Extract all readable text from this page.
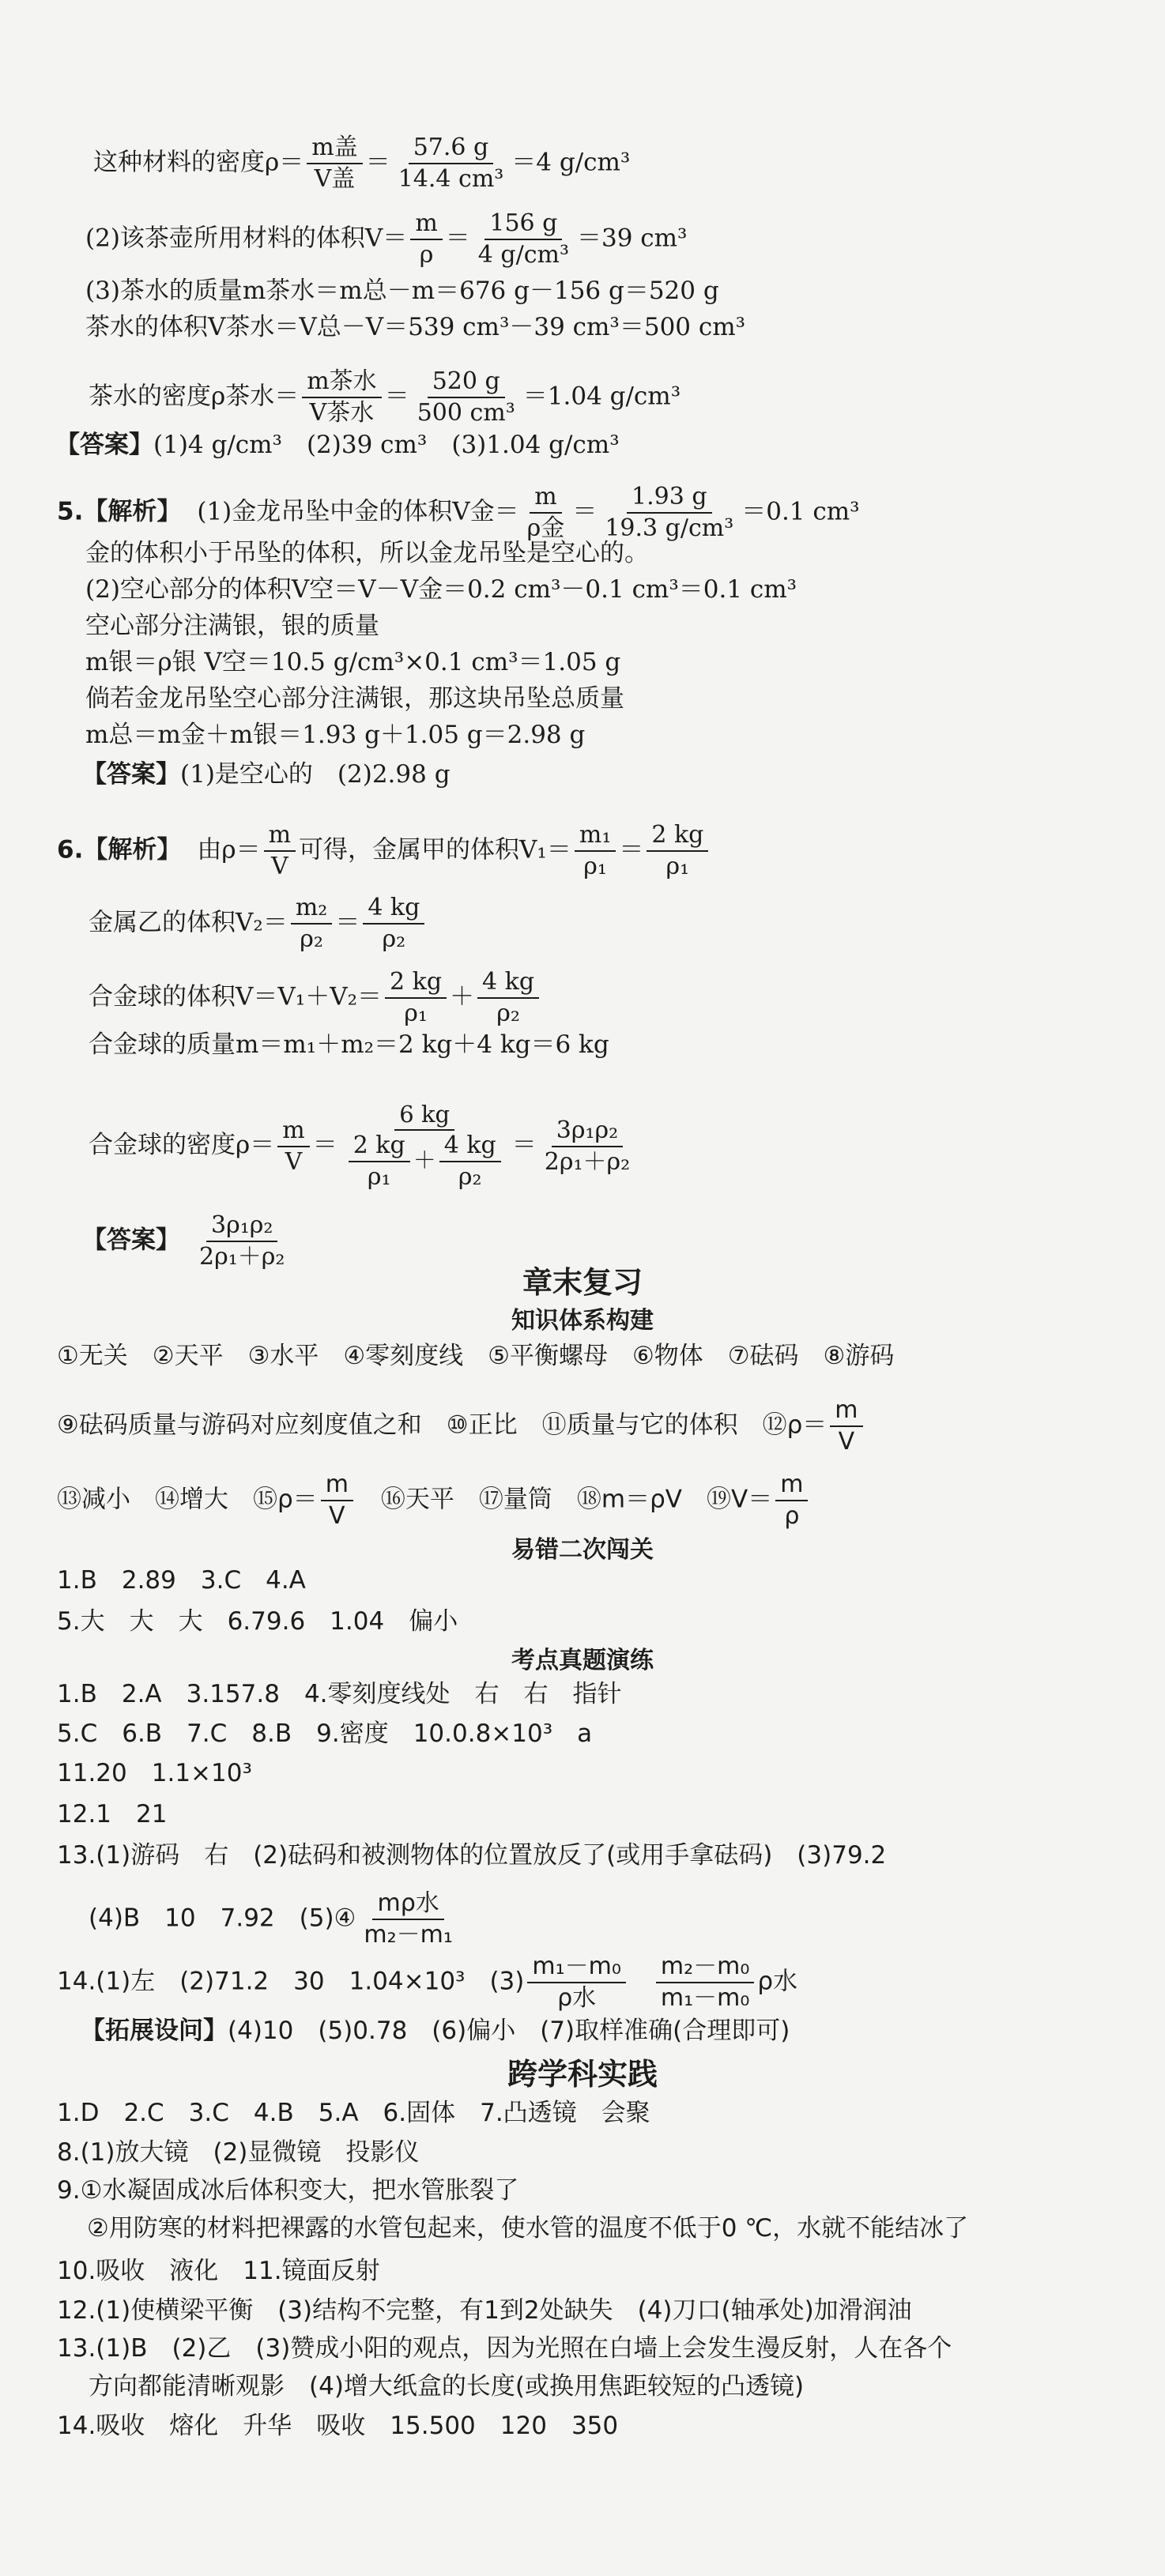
这种材料的密度$\rho= \frac{\text{m盖}}{\text{V盖}} = \frac{57.6 g}{\text{14.4 cm³}} =4$ g/cm³
(2)该茶壶所用材料的体积$V= \frac{m}{\rho} = \frac{156 g}{\text{4 g/cm³}} =39$ cm³
(3)茶水的质量m茶水＝m总－m＝676 g－156 g＝520 g
茶水的体积V茶水＝V总－V＝539 cm³－39 cm³＝500 cm³
茶水的密度ρ茶水＝ $\frac{\text{m茶水}}{\text{V茶水}} = \frac{520 g}{\text{500 cm³}} =1.04$ g/cm³
【答案】(1)4 g/cm³　(2)39 cm³　(3)1.04 g/cm³
5.【解析】 (1)金龙吊坠中金的体积V金＝ $\frac{m}{\text{ρ金}} = \frac{1.93 g}{\text{19.3 g/cm³}} =0.1$ cm³
金的体积小于吊坠的体积，所以金龙吊坠是空心的。
(2)空心部分的体积V空＝V－V金＝0.2 cm³－0.1 cm³＝0.1 cm³
空心部分注满银，银的质量
m银＝ρ银 V空＝10.5 g/cm³×0.1 cm³＝1.05 g
倘若金龙吊坠空心部分注满银，那这块吊坠总质量
m总＝m金＋m银＝1.93 g＋1.05 g＝2.98 g
【答案】(1)是空心的　(2)2.98 g
6.【解析】 由$\rho= \frac{m}{V}$ 可得，金属甲的体积$V_1= \frac{\text{m₁}}{\text{ρ₁}} = \frac{2 kg}{\text{ρ₁}}$
金属乙的体积$V_2= \frac{\text{m₂}}{\text{ρ₂}} = \frac{4 kg}{\text{ρ₂}}$
合金球的体积$V=V_1+V_2= \frac{2 kg}{\text{ρ₁}} + \frac{4 kg}{\text{ρ₂}}$
合金球的质量m＝m₁＋m₂＝2 kg＋4 kg＝6 kg
合金球的密度$\rho= \frac{m}{V} = \frac{6 kg}{\frac{2 kg}{\text{ρ₁}} + \frac{4 kg}{\text{ρ₂}}} = \frac{\text{3ρ₁ρ₂}}{\text{2ρ₁＋ρ₂}}$
【答案】 $\frac{\text{3ρ₁ρ₂}}{\text{2ρ₁＋ρ₂}}$
章末复习
知识体系构建
①无关　②天平　③水平　④零刻度线　⑤平衡螺母　⑥物体　⑦砝码　⑧游码
⑨砝码质量与游码对应刻度值之和　⑩正比　⑪质量与它的体积　⑫ρ＝ $\frac{m}{V}$
⑬减小　⑭增大　⑮ρ＝ $\frac{m}{V}$ 　⑯天平　⑰量筒　⑱m＝ρV　⑲V＝ $\frac{m}{\rho}$
易错二次闯关
1.B　2.89　3.C　4.A
5.大　大　大　6.79.6　1.04　偏小
考点真题演练
1.B　2.A　3.157.8　4.零刻度线处　右　右　指针
5.C　6.B　7.C　8.B　9.密度　10.0.8×10³　a
11.20　1.1×10³
12.1　21
13.(1)游码　右　(2)砝码和被测物体的位置放反了(或用手拿砝码)　(3)79.2
(4)B　10　7.92　(5)④ $\frac{\text{mρ水}}{\text{m₂－m₁}}$
14.(1)左　(2)71.2　30　1.04×10³　$(3) \frac{\text{m₁－m₀}}{\text{ρ水}} \frac{\text{m₂－m₀}}{\text{m₁－m₀}}$ ρ水
【拓展设问】(4)10　(5)0.78　(6)偏小　(7)取样准确(合理即可)
跨学科实践
1.D　2.C　3.C　4.B　5.A　6.固体　7.凸透镜　会聚
8.(1)放大镜　(2)显微镜　投影仪
9.①水凝固成冰后体积变大，把水管胀裂了
②用防寒的材料把裸露的水管包起来，使水管的温度不低于0 ℃，水就不能结冰了
10.吸收　液化　11.镜面反射
12.(1)使横梁平衡　(3)结构不完整，有1到2处缺失　(4)刀口(轴承处)加滑润油
13.(1)B　(2)乙　(3)赞成小阳的观点，因为光照在白墙上会发生漫反射，人在各个
方向都能清晰观影　(4)增大纸盒的长度(或换用焦距较短的凸透镜)
14.吸收　熔化　升华　吸收　15.500　120　350
